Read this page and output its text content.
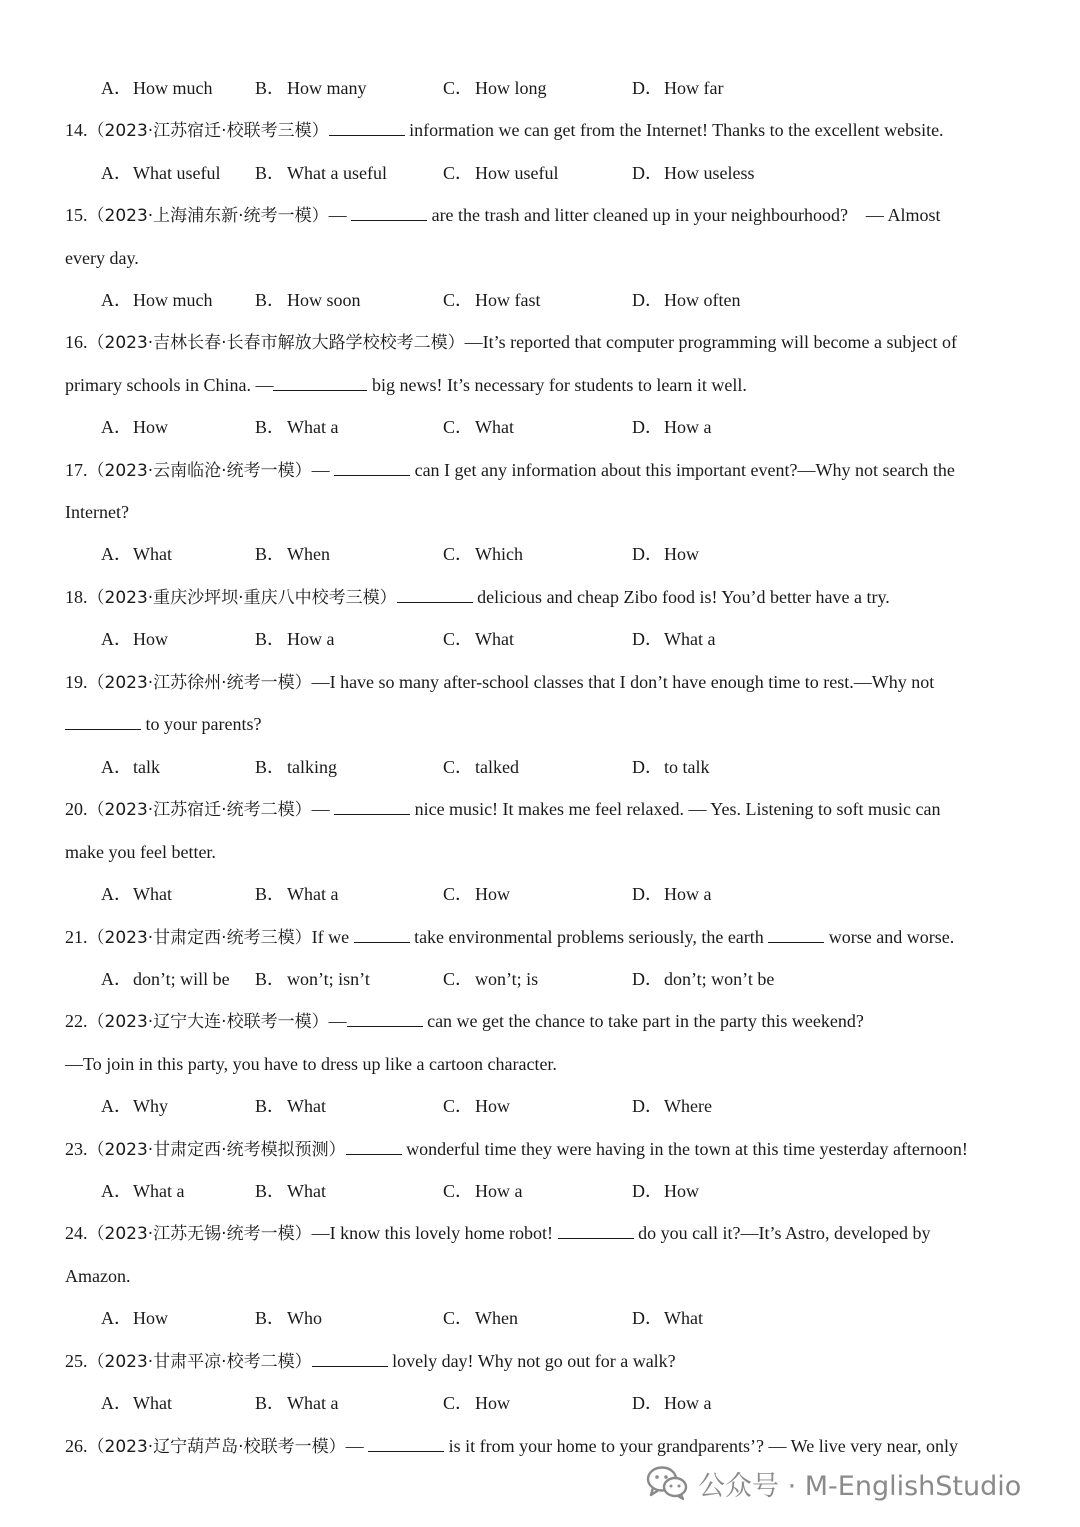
A．How much B． How many	C． How long	D．How far
14.（2023·江苏宿迁·校联考三模）	information we can get from the Internet! Thanks to the excellent website.
A．What useful B． What a useful	C． How useful	D．How useless
15.（2023·上海浦东新·统考一模）—	are the trash and litter cleaned up in your neighbourhood?　— Almost
every day.
A．How much B． How soon	C． How fast	D．How often
16.（2023·吉林长春·长春市解放大路学校校考二模）—It’s reported that computer programming will become a subject of
primary schools in China. —	big news! It’s necessary for students to learn it well.
A．How	B． What a	C． What	D．How a
17.（2023·云南临沧·统考一模）—	can I get any information about this important event?—Why not search the
Internet?
A．What	B． When	C． Which	D．How
18.（2023·重庆沙坪坝·重庆八中校考三模）	delicious and cheap Zibo food is! You’d better have a try.
A．How	B． How a	C． What	D．What a
19.（2023·江苏徐州·统考一模）—I have so many after-school classes that I don’t have enough time to rest.—Why not
to your parents?
A．talk	B． talking	C． talked	D．to talk
20.（2023·江苏宿迁·统考二模）—	nice music! It makes me feel relaxed. — Yes. Listening to soft music can
make you feel better.
A．What	B． What a	C． How	D．How a
21.（2023·甘肃定西·统考三模）If we	take environmental problems seriously, the earth	worse and worse.
A．don’t; will be B． won’t; isn’t	C． won’t; is	D．don’t; won’t be
22.（2023·辽宁大连·校联考一模）—	can we get the chance to take part in the party this weekend?
—To join in this party, you have to dress up like a cartoon character.
A．Why	B． What	C． How	D．Where
23.（2023·甘肃定西·统考模拟预测）	wonderful time they were having in the town at this time yesterday afternoon!
A．What a	B． What	C． How a	D．How
24.（2023·江苏无锡·统考一模）—I know this lovely home robot!	do you call it?—It’s Astro, developed by
Amazon.
A．How	B． Who	C． When	D．What
25.（2023·甘肃平凉·校考二模）	lovely day! Why not go out for a walk?
A．What	B． What a	C． How	D．How a
26.（2023·辽宁葫芦岛·校联考一模）—	is it from your home to your grandparents’? — We live very near, only
公众号 · M-EnglishStudio
